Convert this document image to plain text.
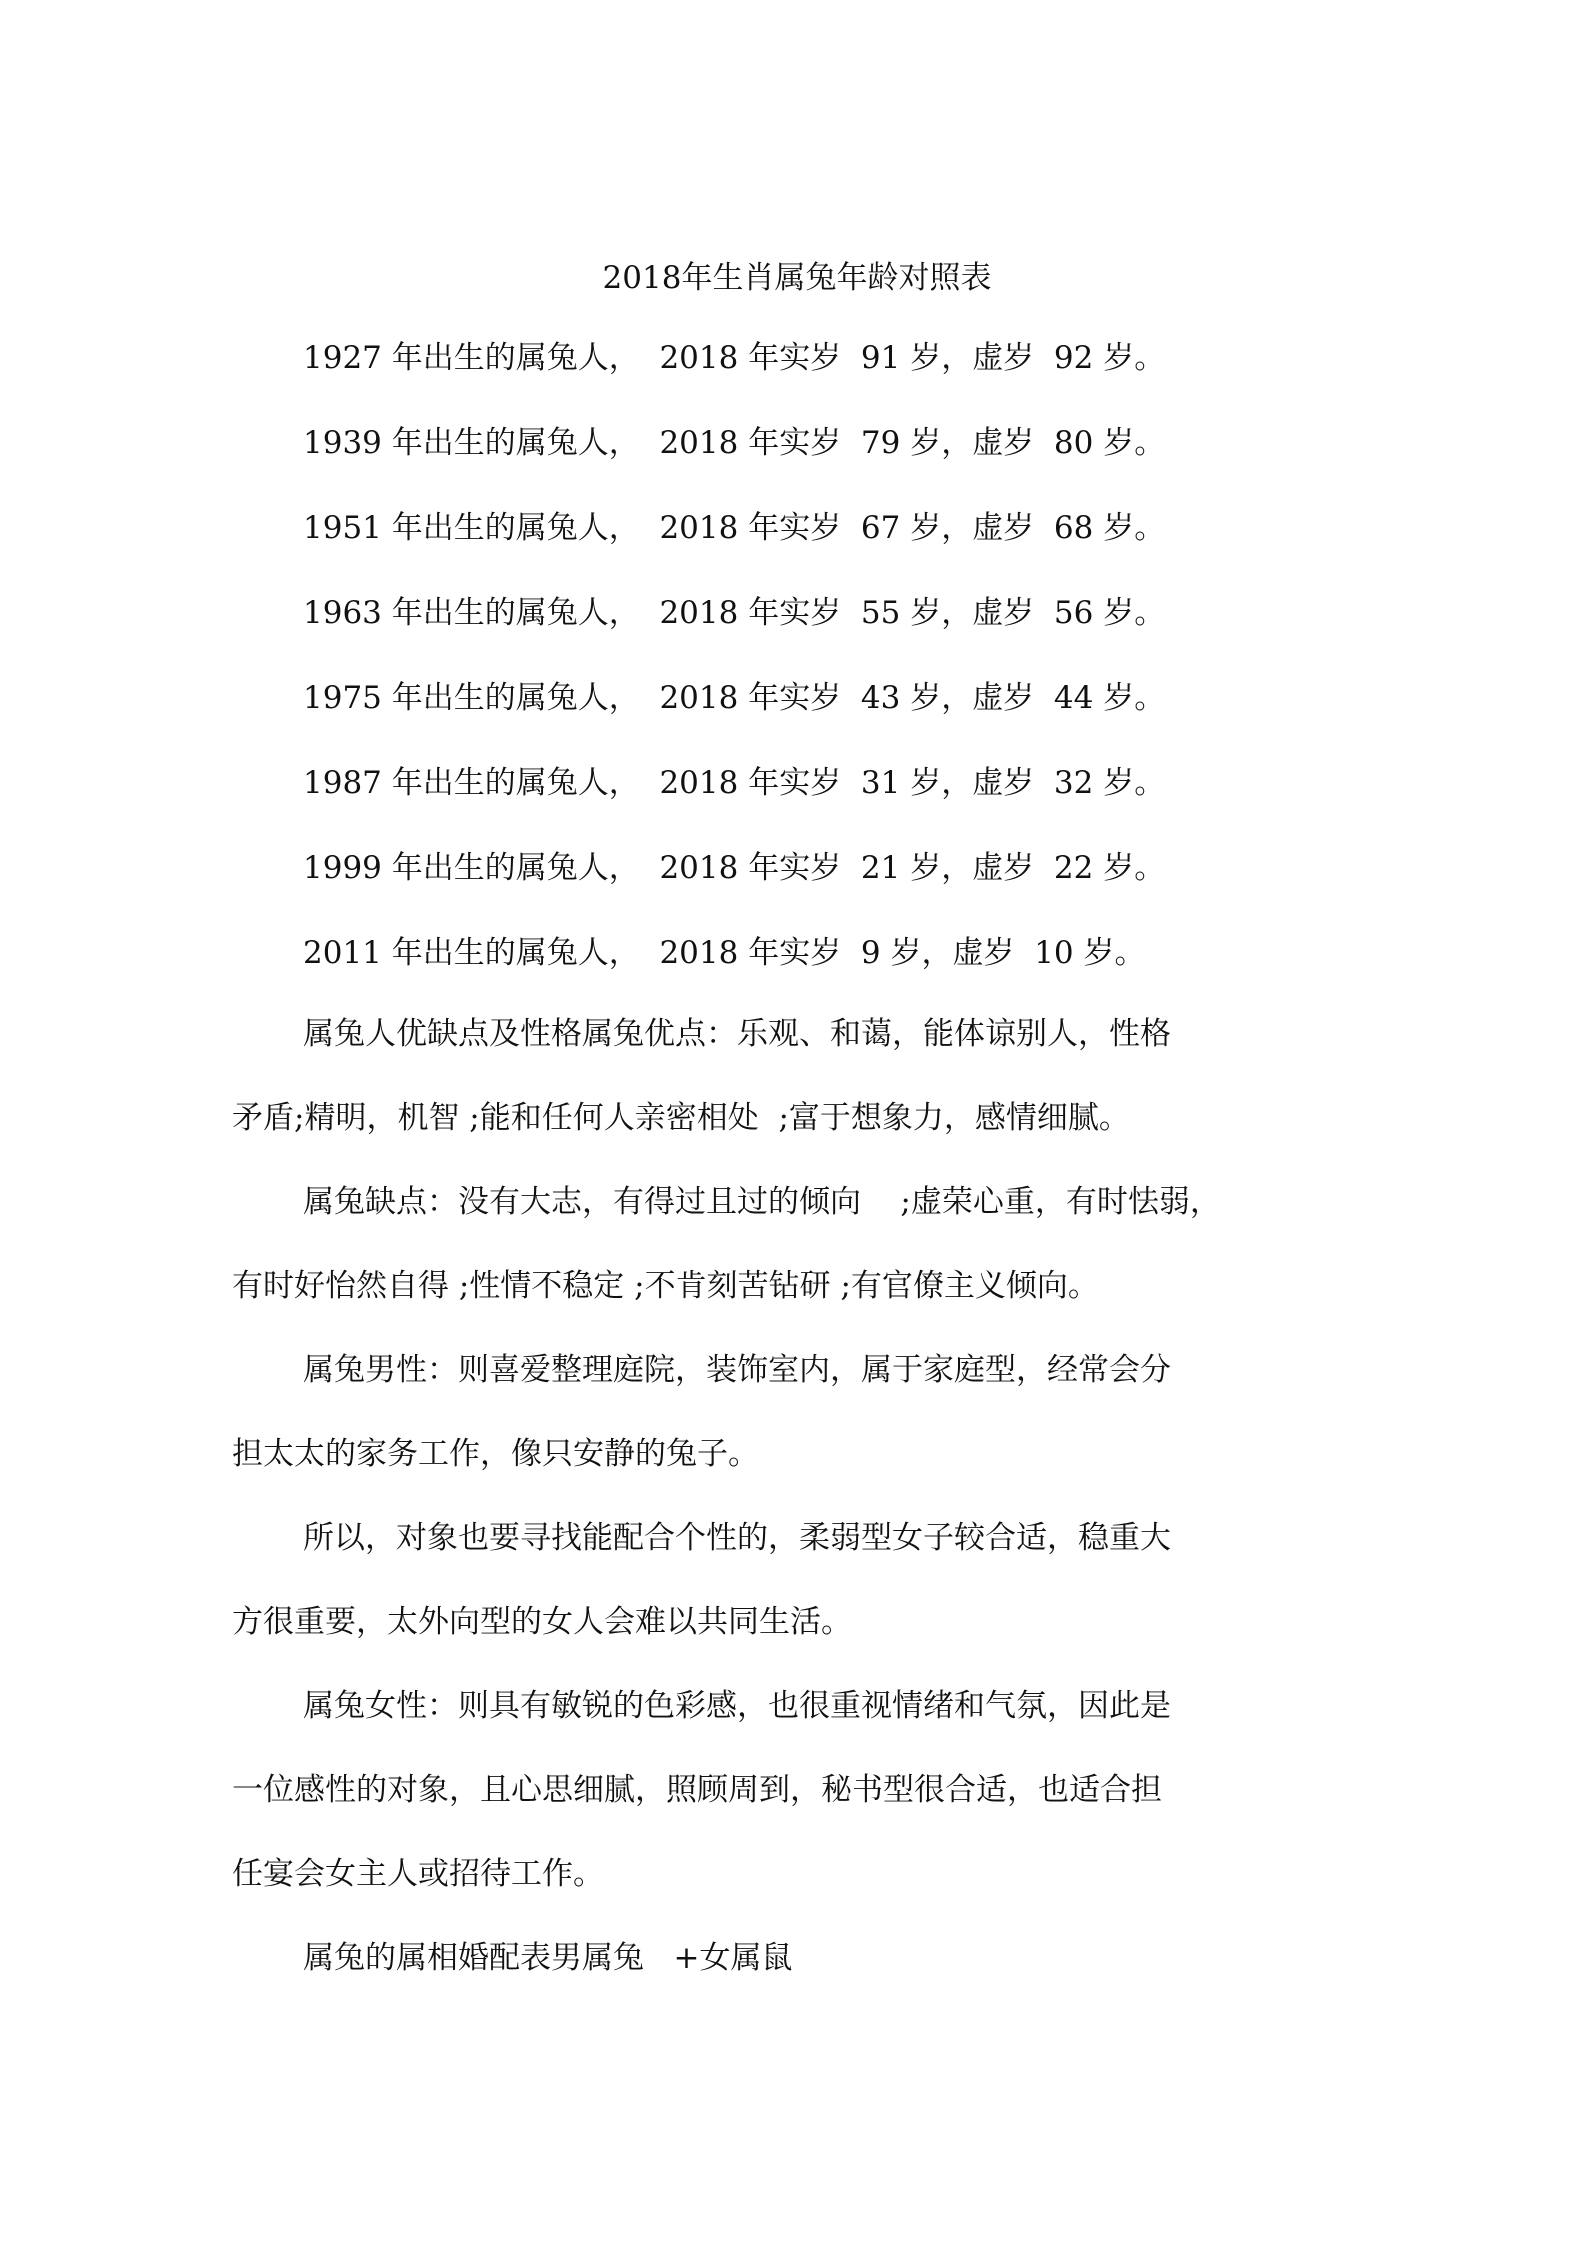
2018年生肖属兔年龄对照表
1927 年出生的属兔人，  2018 年实岁  91 岁，虚岁  92 岁。
1939 年出生的属兔人，  2018 年实岁  79 岁，虚岁  80 岁。
1951 年出生的属兔人，  2018 年实岁  67 岁，虚岁  68 岁。
1963 年出生的属兔人，  2018 年实岁  55 岁，虚岁  56 岁。
1975 年出生的属兔人，  2018 年实岁  43 岁，虚岁  44 岁。
1987 年出生的属兔人，  2018 年实岁  31 岁，虚岁  32 岁。
1999 年出生的属兔人，  2018 年实岁  21 岁，虚岁  22 岁。
2011 年出生的属兔人，  2018 年实岁  9 岁，虚岁  10 岁。
属兔人优缺点及性格属兔优点：乐观、和蔼，能体谅别人，性格
矛盾;精明，机智 ;能和任何人亲密相处  ;富于想象力，感情细腻。
属兔缺点：没有大志，有得过且过的倾向    ;虚荣心重，有时怯弱，
有时好怡然自得 ;性情不稳定 ;不肯刻苦钻研 ;有官僚主义倾向。
属兔男性：则喜爱整理庭院，装饰室内，属于家庭型，经常会分
担太太的家务工作，像只安静的兔子。
所以，对象也要寻找能配合个性的，柔弱型女子较合适，稳重大
方很重要，太外向型的女人会难以共同生活。
属兔女性：则具有敏锐的色彩感，也很重视情绪和气氛，因此是
一位感性的对象，且心思细腻，照顾周到，秘书型很合适，也适合担
任宴会女主人或招待工作。
属兔的属相婚配表男属兔   +女属鼠
